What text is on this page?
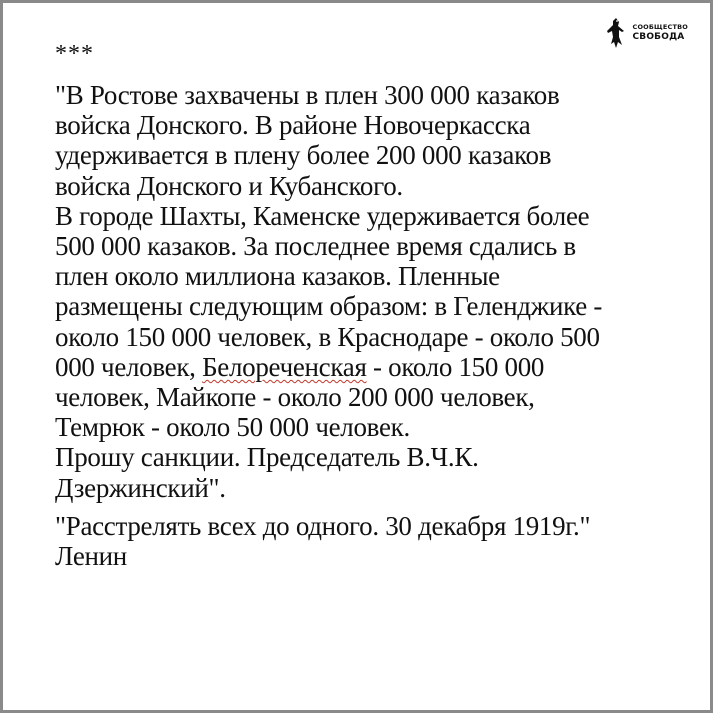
СООБЩЕСТВО
СВОБОДА
***
"В Ростове захвачены в плен 300 000 казаков
войска Донского. В районе Новочеркасска
удерживается в плену более 200 000 казаков
войска Донского и Кубанского.
В городе Шахты, Каменске удерживается более
500 000 казаков. За последнее время сдались в
плен около миллиона казаков. Пленные
размещены следующим образом: в Геленджике -
около 150 000 человек, в Краснодаре - около 500
000 человек, Белореченская - около 150 000
человек, Майкопе - около 200 000 человек,
Темрюк - около 50 000 человек.
Прошу санкции. Председатель В.Ч.К.
Дзержинский".
"Расстрелять всех до одного. 30 декабря 1919г."
Ленин
